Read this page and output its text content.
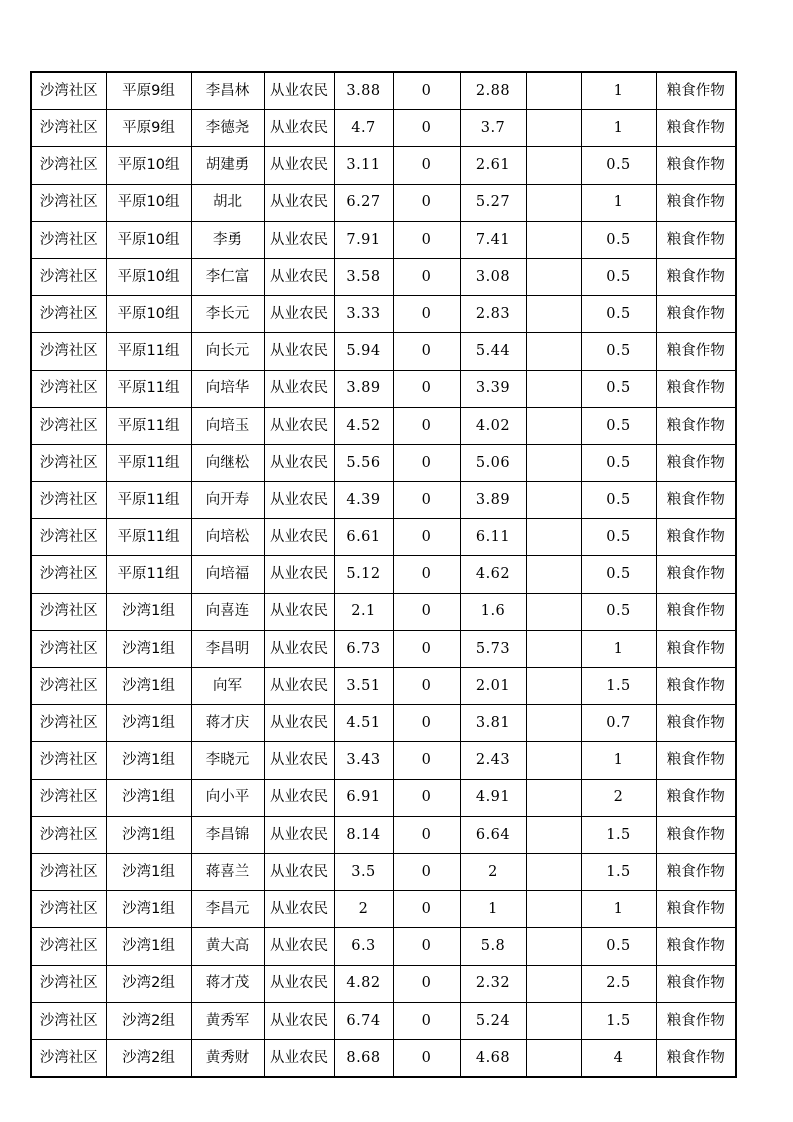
沙湾社区	平原9组	李昌林	从业农民	3.88	0	2.88		1	粮食作物
沙湾社区	平原9组	李德尧	从业农民	4.7	0	3.7		1	粮食作物
沙湾社区	平原10组	胡建勇	从业农民	3.11	0	2.61		0.5	粮食作物
沙湾社区	平原10组	胡北	从业农民	6.27	0	5.27		1	粮食作物
沙湾社区	平原10组	李勇	从业农民	7.91	0	7.41		0.5	粮食作物
沙湾社区	平原10组	李仁富	从业农民	3.58	0	3.08		0.5	粮食作物
沙湾社区	平原10组	李长元	从业农民	3.33	0	2.83		0.5	粮食作物
沙湾社区	平原11组	向长元	从业农民	5.94	0	5.44		0.5	粮食作物
沙湾社区	平原11组	向培华	从业农民	3.89	0	3.39		0.5	粮食作物
沙湾社区	平原11组	向培玉	从业农民	4.52	0	4.02		0.5	粮食作物
沙湾社区	平原11组	向继松	从业农民	5.56	0	5.06		0.5	粮食作物
沙湾社区	平原11组	向开寿	从业农民	4.39	0	3.89		0.5	粮食作物
沙湾社区	平原11组	向培松	从业农民	6.61	0	6.11		0.5	粮食作物
沙湾社区	平原11组	向培福	从业农民	5.12	0	4.62		0.5	粮食作物
沙湾社区	沙湾1组	向喜连	从业农民	2.1	0	1.6		0.5	粮食作物
沙湾社区	沙湾1组	李昌明	从业农民	6.73	0	5.73		1	粮食作物
沙湾社区	沙湾1组	向军	从业农民	3.51	0	2.01		1.5	粮食作物
沙湾社区	沙湾1组	蒋才庆	从业农民	4.51	0	3.81		0.7	粮食作物
沙湾社区	沙湾1组	李晓元	从业农民	3.43	0	2.43		1	粮食作物
沙湾社区	沙湾1组	向小平	从业农民	6.91	0	4.91		2	粮食作物
沙湾社区	沙湾1组	李昌锦	从业农民	8.14	0	6.64		1.5	粮食作物
沙湾社区	沙湾1组	蒋喜兰	从业农民	3.5	0	2		1.5	粮食作物
沙湾社区	沙湾1组	李昌元	从业农民	2	0	1		1	粮食作物
沙湾社区	沙湾1组	黄大高	从业农民	6.3	0	5.8		0.5	粮食作物
沙湾社区	沙湾2组	蒋才茂	从业农民	4.82	0	2.32		2.5	粮食作物
沙湾社区	沙湾2组	黄秀军	从业农民	6.74	0	5.24		1.5	粮食作物
沙湾社区	沙湾2组	黄秀财	从业农民	8.68	0	4.68		4	粮食作物
